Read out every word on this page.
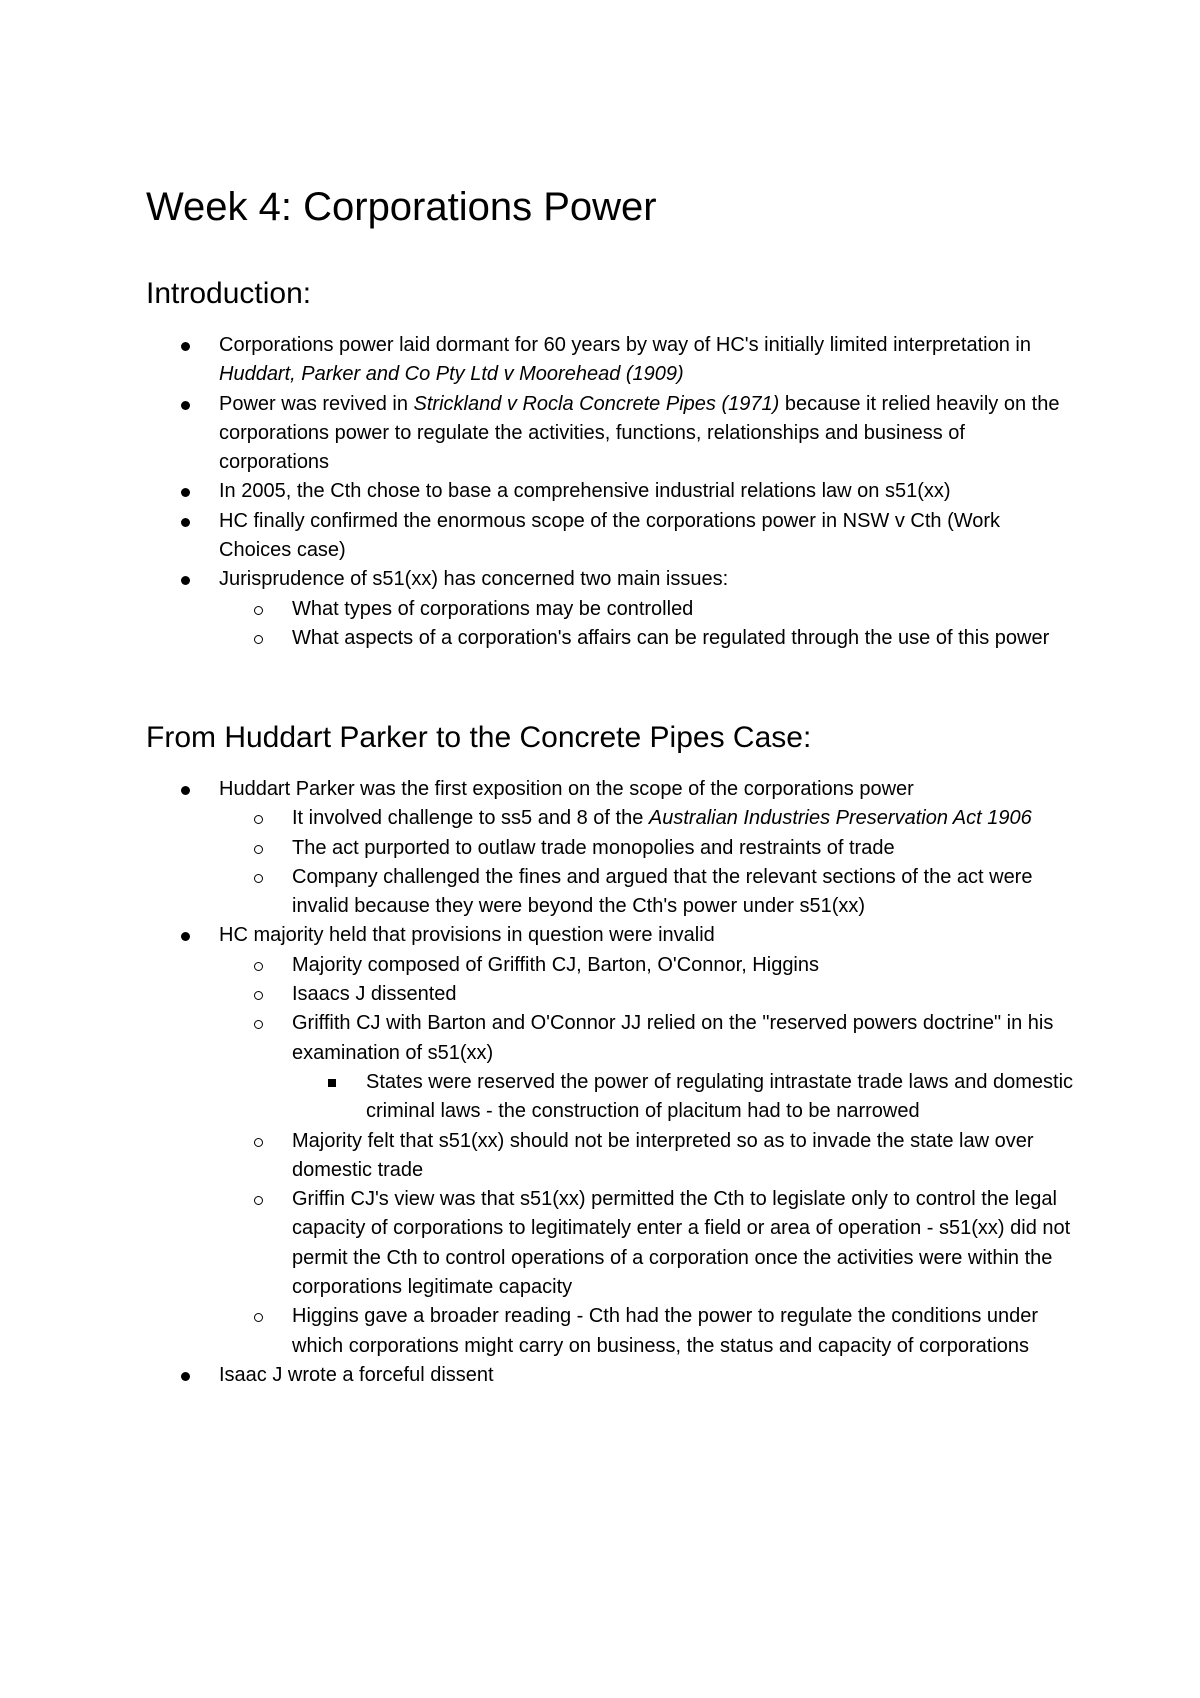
Week 4: Corporations Power
Introduction:
Corporations power laid dormant for 60 years by way of HC's initially limited interpretation in Huddart, Parker and Co Pty Ltd v Moorehead (1909)
Power was revived in Strickland v Rocla Concrete Pipes (1971) because it relied heavily on the corporations power to regulate the activities, functions, relationships and business of corporations
In 2005, the Cth chose to base a comprehensive industrial relations law on s51(xx)
HC finally confirmed the enormous scope of the corporations power in NSW v Cth (Work Choices case)
Jurisprudence of s51(xx) has concerned two main issues:
What types of corporations may be controlled
What aspects of a corporation's affairs can be regulated through the use of this power
From Huddart Parker to the Concrete Pipes Case:
Huddart Parker was the first exposition on the scope of the corporations power
It involved challenge to ss5 and 8 of the Australian Industries Preservation Act 1906
The act purported to outlaw trade monopolies and restraints of trade
Company challenged the fines and argued that the relevant sections of the act were invalid because they were beyond the Cth's power under s51(xx)
HC majority held that provisions in question were invalid
Majority composed of Griffith CJ, Barton, O'Connor, Higgins
Isaacs J dissented
Griffith CJ with Barton and O'Connor JJ relied on the "reserved powers doctrine" in his examination of s51(xx)
States were reserved the power of regulating intrastate trade laws and domestic criminal laws - the construction of placitum had to be narrowed
Majority felt that s51(xx) should not be interpreted so as to invade the state law over domestic trade
Griffin CJ's view was that s51(xx) permitted the Cth to legislate only to control the legal capacity of corporations to legitimately enter a field or area of operation - s51(xx) did not permit the Cth to control operations of a corporation once the activities were within the corporations legitimate capacity
Higgins gave a broader reading - Cth had the power to regulate the conditions under which corporations might carry on business, the status and capacity of corporations
Isaac J wrote a forceful dissent
